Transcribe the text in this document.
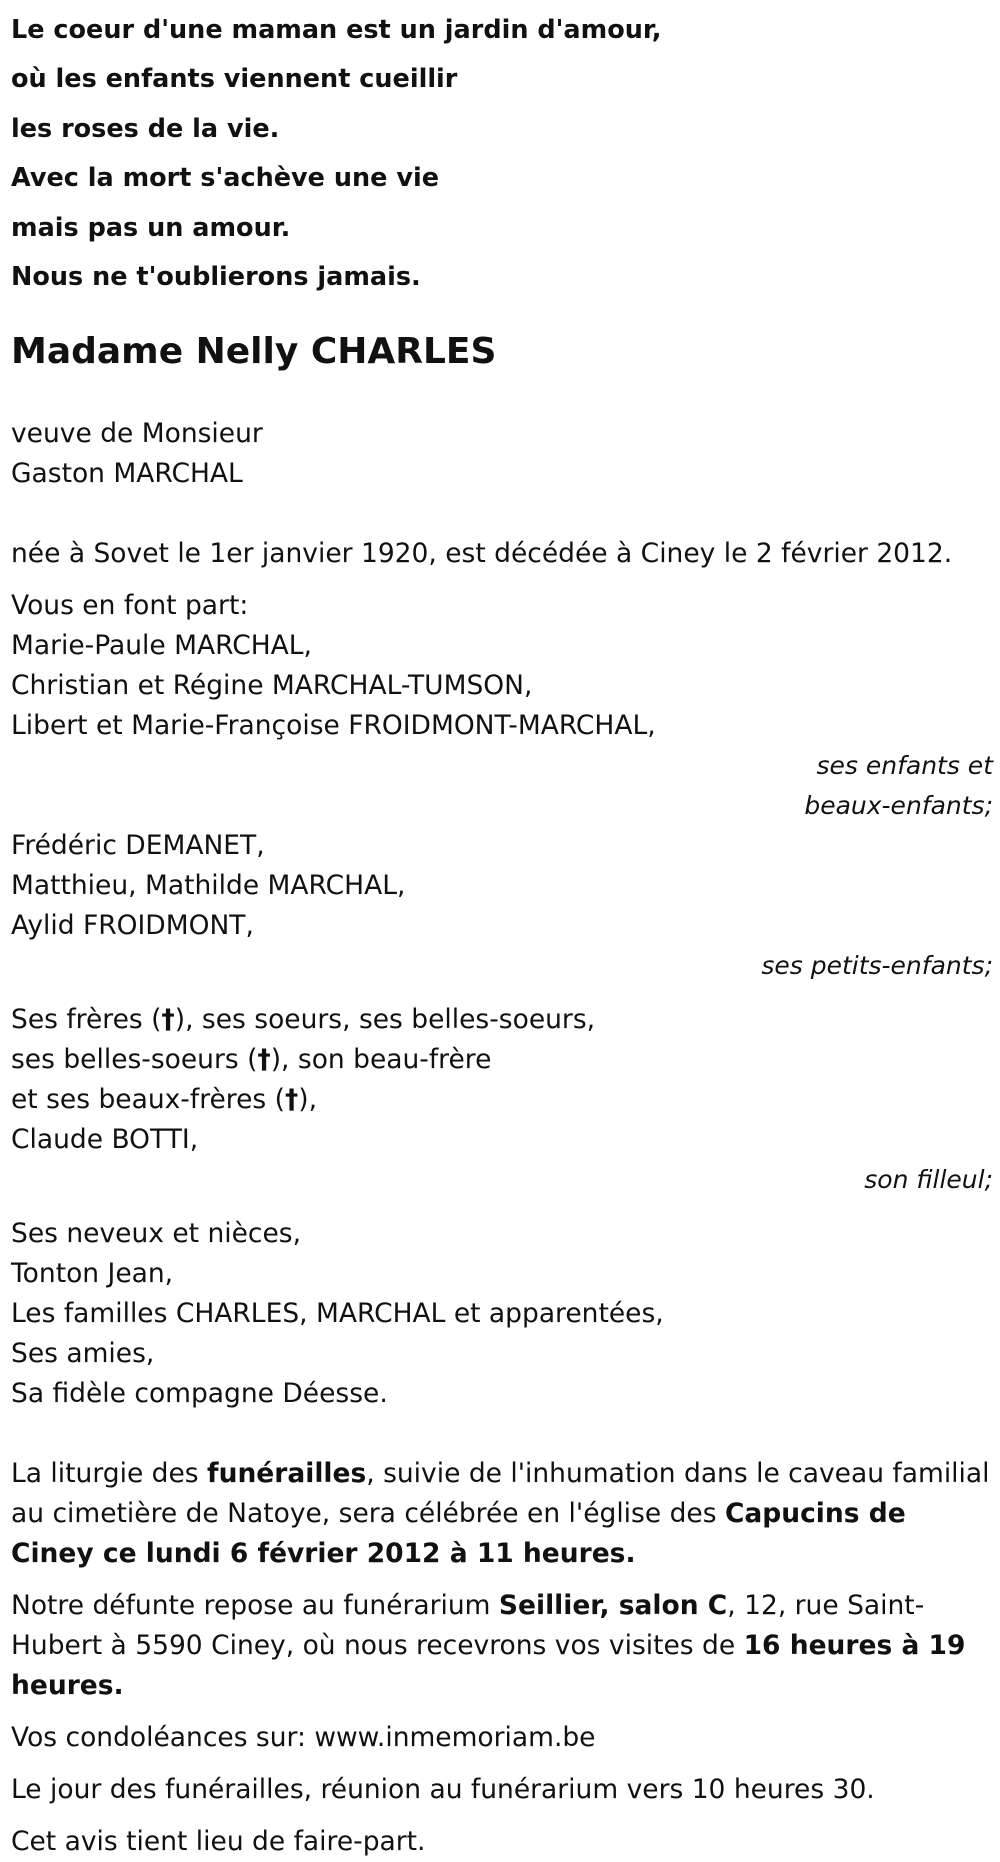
Le coeur d'une maman est un jardin d'amour,
où les enfants viennent cueillir
les roses de la vie.
Avec la mort s'achève une vie
mais pas un amour.
Nous ne t'oublierons jamais.
Madame Nelly CHARLES
veuve de Monsieur
Gaston MARCHAL
née à Sovet le 1er janvier 1920, est décédée à Ciney le 2 février 2012.
Vous en font part:
Marie-Paule MARCHAL,
Christian et Régine MARCHAL-TUMSON,
Libert et Marie-Françoise FROIDMONT-MARCHAL,
ses enfants et
beaux-enfants;
Frédéric DEMANET,
Matthieu, Mathilde MARCHAL,
Aylid FROIDMONT,
ses petits-enfants;
Ses frères (†), ses soeurs, ses belles-soeurs,
ses belles-soeurs (†), son beau-frère
et ses beaux-frères (†),
Claude BOTTI,
son filleul;
Ses neveux et nièces,
Tonton Jean,
Les familles CHARLES, MARCHAL et apparentées,
Ses amies,
Sa fidèle compagne Déesse.
La liturgie des funérailles, suivie de l'inhumation dans le caveau familial au cimetière de Natoye, sera célébrée en l'église des Capucins de Ciney ce lundi 6 février 2012 à 11 heures.
Notre défunte repose au funérarium Seillier, salon C, 12, rue Saint-Hubert à 5590 Ciney, où nous recevrons vos visites de 16 heures à 19 heures.
Vos condoléances sur: www.inmemoriam.be
Le jour des funérailles, réunion au funérarium vers 10 heures 30.
Cet avis tient lieu de faire-part.
